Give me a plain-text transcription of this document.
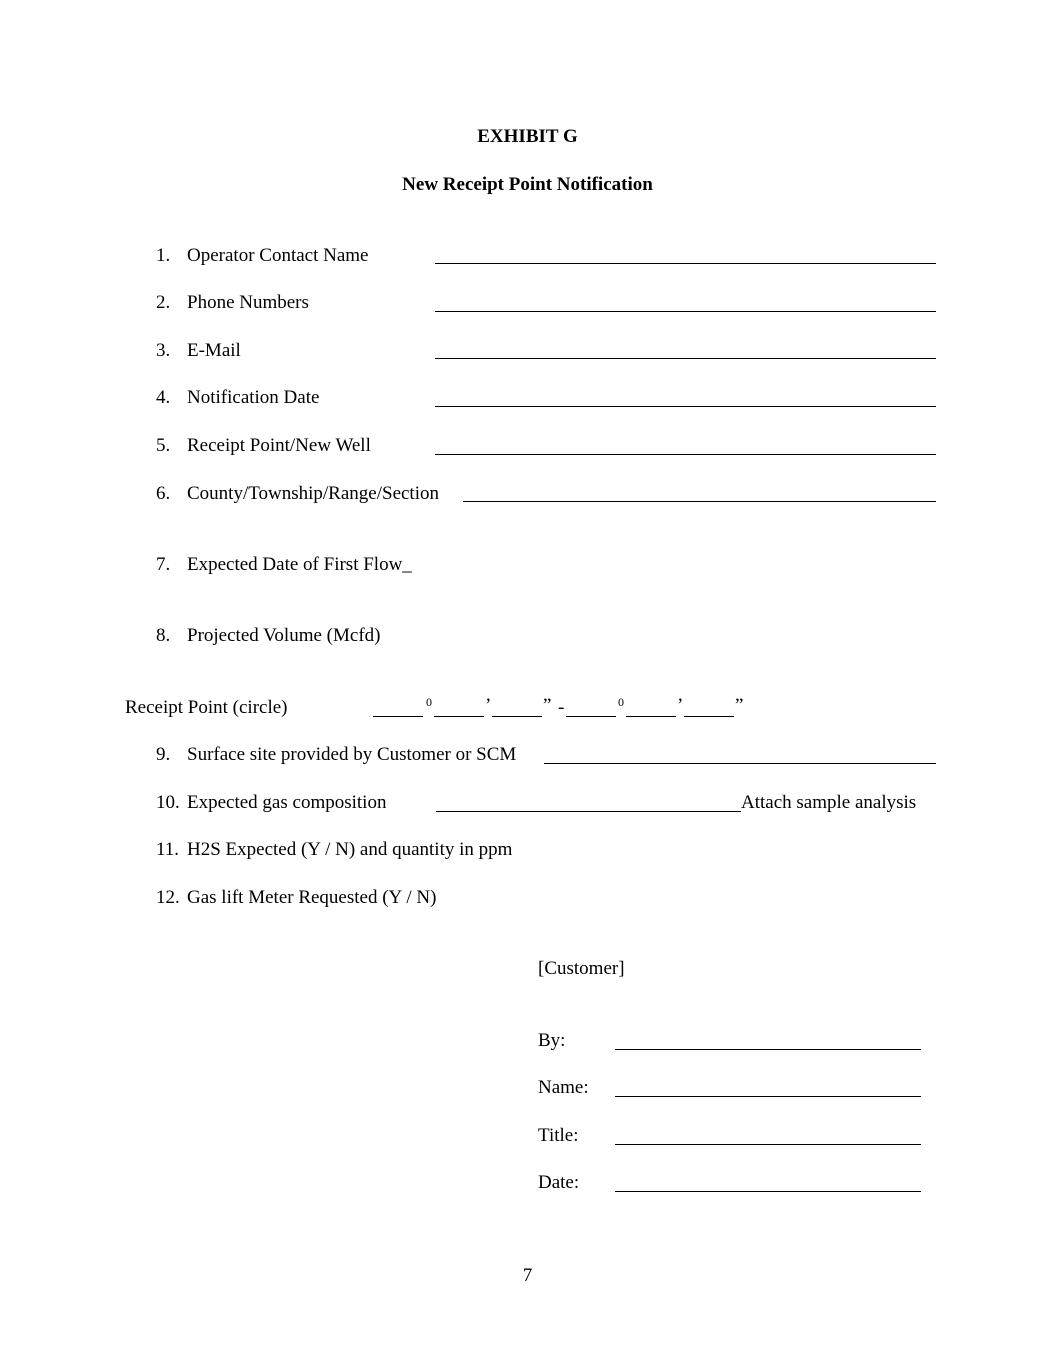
EXHIBIT G
New Receipt Point Notification
1. Operator Contact Name
2. Phone Numbers
3. E-Mail
4. Notification Date
5. Receipt Point/New Well
6. County/Township/Range/Section
7. Expected Date of First Flow_
8. Projected Volume (Mcfd)
Receipt Point (circle)	0	’	” -	0	’	”
9. Surface site provided by Customer or SCM
10. Expected gas composition	Attach sample analysis
11. H2S Expected (Y / N) and quantity in ppm
12. Gas lift Meter Requested (Y / N)
[Customer]
By:
Name:
Title:
Date:
7
